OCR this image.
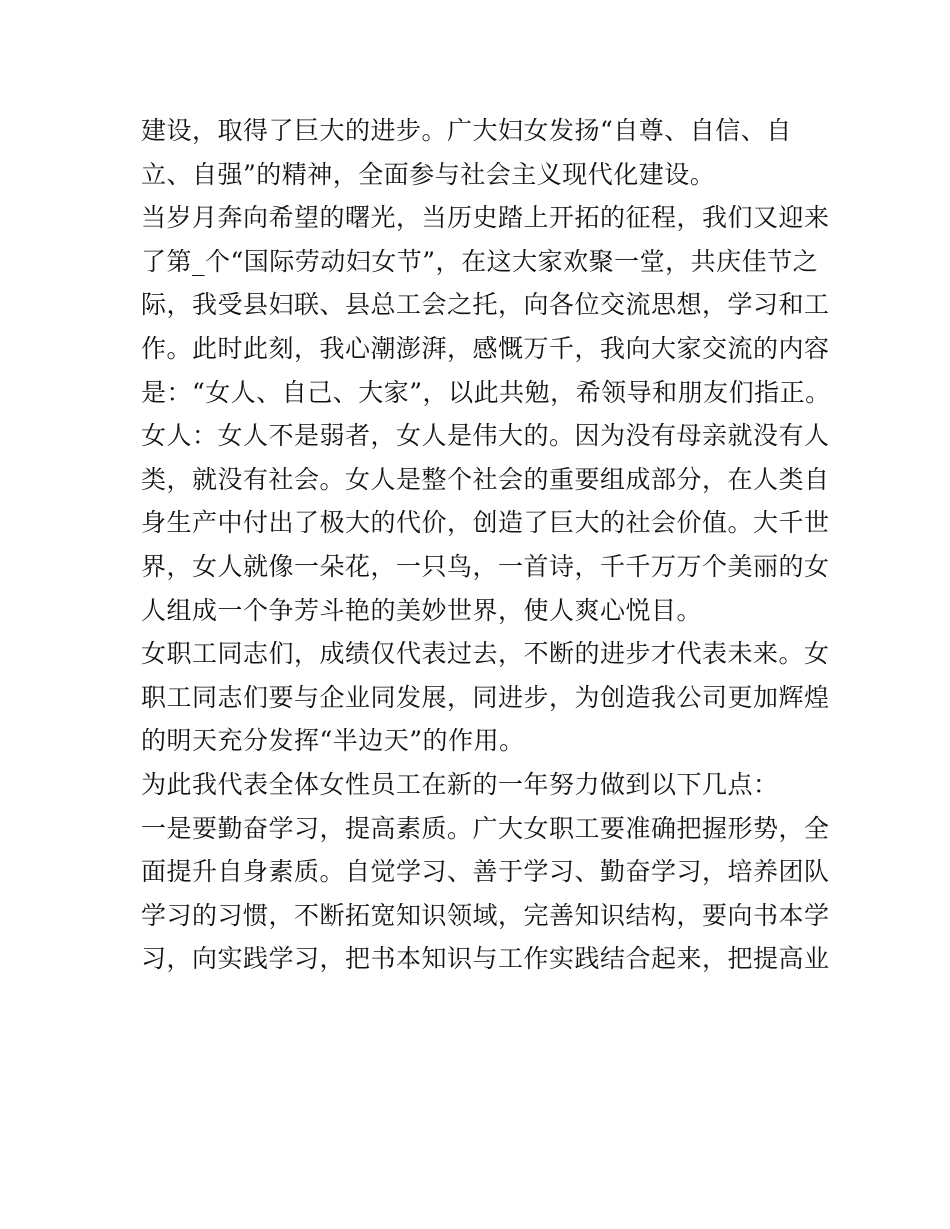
建设，取得了巨大的进步。广大妇女发扬“自尊、自信、自
立、自强”的精神，全面参与社会主义现代化建设。
当岁月奔向希望的曙光，当历史踏上开拓的征程，我们又迎来
了第_个“国际劳动妇女节”，在这大家欢聚一堂，共庆佳节之
际，我受县妇联、县总工会之托，向各位交流思想，学习和工
作。此时此刻，我心潮澎湃，感慨万千，我向大家交流的内容
是：“女人、自己、大家”，以此共勉，希领导和朋友们指正。
女人：女人不是弱者，女人是伟大的。因为没有母亲就没有人
类，就没有社会。女人是整个社会的重要组成部分，在人类自
身生产中付出了极大的代价，创造了巨大的社会价值。大千世
界，女人就像一朵花，一只鸟，一首诗，千千万万个美丽的女
人组成一个争芳斗艳的美妙世界，使人爽心悦目。
女职工同志们，成绩仅代表过去，不断的进步才代表未来。女
职工同志们要与企业同发展，同进步，为创造我公司更加辉煌
的明天充分发挥“半边天”的作用。
为此我代表全体女性员工在新的一年努力做到以下几点：
一是要勤奋学习，提高素质。广大女职工要准确把握形势，全
面提升自身素质。自觉学习、善于学习、勤奋学习，培养团队
学习的习惯，不断拓宽知识领域，完善知识结构，要向书本学
习，向实践学习，把书本知识与工作实践结合起来，把提高业
